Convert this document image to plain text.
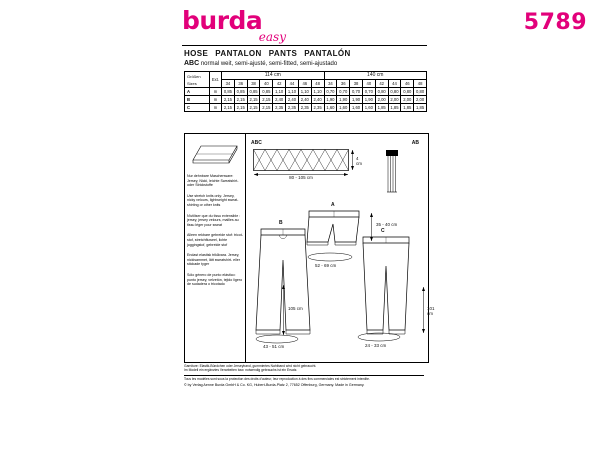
burda
easy
5789
HOSE PANTALON PANTS PANTALÓN
ABC normal weit, semi-ajusté, semi-fitted, semi-ajustado
Größen
Sizes	Ext.	114 cm								140 cm							
		34	36	38	40	42	44	46	48	34	36	38	40	42	44	46	48
A	m	0,85	0,85	0,85	0,85	1,10	1,10	1,10	1,10	0,70	0,70	0,70	0,70	0,80	0,80	0,80	0,80
B	m	2,15	2,15	2,15	2,15	2,40	2,40	2,40	2,40	1,90	1,90	1,90	1,90	2,00	2,00	2,00	2,00
C	m	2,15	2,15	2,15	2,15	2,35	2,35	2,35	2,35	1,60	1,60	1,60	1,60	1,85	1,85	1,85	1,85

Nur dehnbare Maschenware: Jersey, Nicki, leichte Sweatshirt- oder Strickstoffe

Use stretch knits only: Jersey, nicky velours, lightweight sweatshirting or other knits

N'utiliser que du tissu extensible : jersey, jersey velours, mailles au tissu léger pour sweat

Alleen rekbare gebreide stof: tricotstof, stretchfluweel, lichte joggingstof, gebreide stof

Endast elastisk trikåvara. Jersey, nickisammet, lätt sweatshirt- eller stickade tyger

Sólo género de punto elástico: punto jersey, velvetón, tejido ligero de sudadera o tricotado

ABC
80 - 105 cm
4 cm
AB
A
35 - 40 cm
52 - 69 cm
B
105 cm
43 - 51 cm
C
101 cm
24 - 33 cm
Garniture: Elastik-Bündchen oder Jerseyband, gummiertes Nahtband wird nicht gebraucht.
Im Modell ein ergänztes Verarbeiten bzw. notwendig gebrauchs ist ein Ersatz.
Tous les modèles sont sous la protection des droits d'auteur, leur reproduction à des fins commerciales est strictement interdite.
© by Verlag Aenne Burda GmbH & Co. KG, Hubert-Burda-Platz 2, 77652 Offenburg, Germany. Made in Germany.
